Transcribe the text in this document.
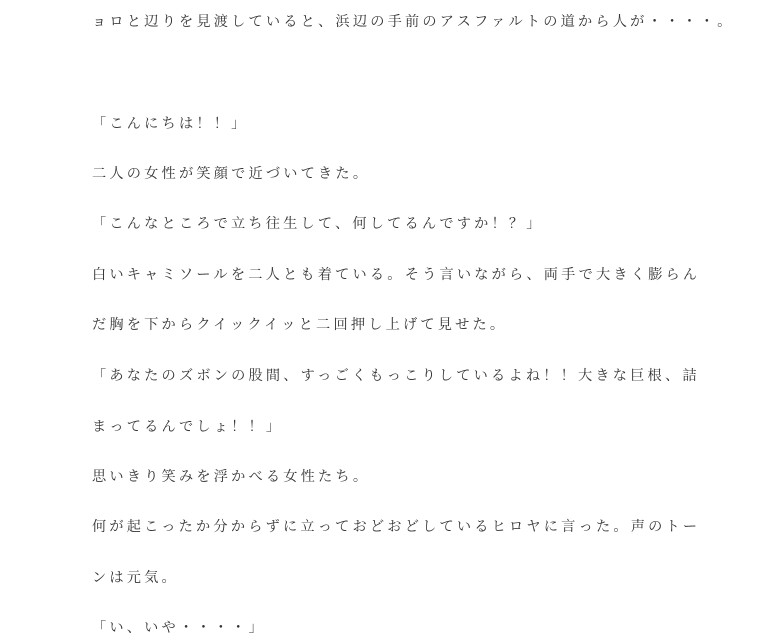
ョロと辺りを見渡していると、浜辺の手前のアスファルトの道から人が・・・・。

「こんにちは！！」

二人の女性が笑顔で近づいてきた。

「こんなところで立ち往生して、何してるんですか！？」

白いキャミソールを二人とも着ている。そう言いながら、両手で大きく膨らん

だ胸を下からクイックイッと二回押し上げて見せた。

「あなたのズボンの股間、すっごくもっこりしているよね！！大きな巨根、詰

まってるんでしょ！！」

思いきり笑みを浮かべる女性たち。

何が起こったか分からずに立っておどおどしているヒロヤに言った。声のトー

ンは元気。

「い、いや・・・・」
